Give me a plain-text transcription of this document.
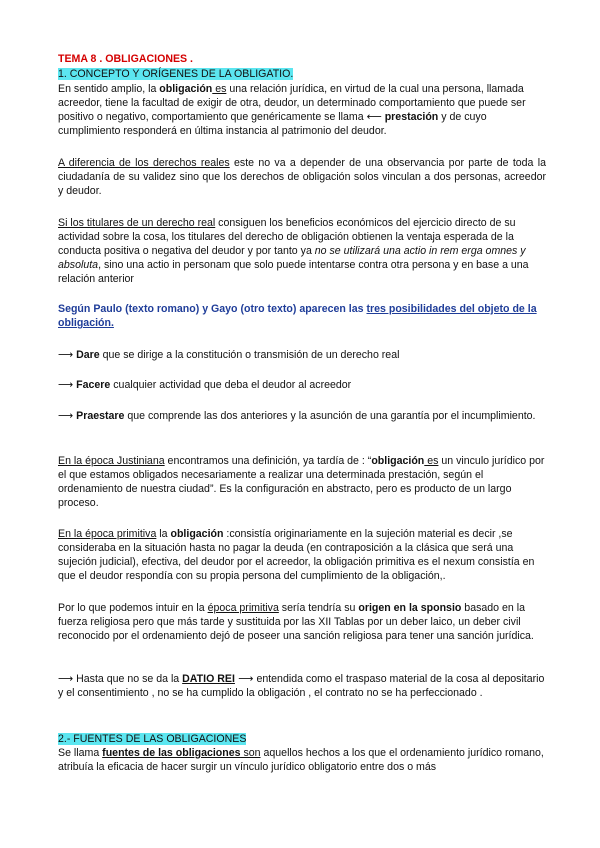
TEMA 8 . OBLIGACIONES .

1. CONCEPTO Y ORÍGENES DE LA OBLIGATIO.

En sentido amplio, la obligación es una relación jurídica, en virtud de la cual una persona, llamada acreedor, tiene la facultad de exigir de otra, deudor, un determinado comportamiento que puede ser positivo o negativo, comportamiento que genéricamente se llama ⟵ prestación y de cuyo cumplimiento responderá en última instancia al patrimonio del deudor.

A diferencia de los derechos reales este no va a depender de una observancia por parte de toda la ciudadanía de su validez sino que los derechos de obligación solos vinculan a dos personas, acreedor y deudor.

Si los titulares de un derecho real consiguen los beneficios económicos del ejercicio directo de su actividad sobre la cosa, los titulares del derecho de obligación obtienen la ventaja esperada de la conducta positiva o negativa del deudor y por tanto ya no se utilizará una actio in rem erga omnes y absoluta, sino una actio in personam que solo puede intentarse contra otra persona y en base a una relación anterior

Según Paulo (texto romano) y Gayo (otro texto) aparecen las tres posibilidades del objeto de la obligación.

⟶ Dare que se dirige a la constitución o transmisión de un derecho real

⟶ Facere cualquier actividad que deba el deudor al acreedor

⟶ Praestare que comprende las dos anteriores y la asunción de una garantía por el incumplimiento.

En la época Justiniana encontramos una definición, ya tardía de : “obligación es un vinculo jurídico por el que estamos obligados necesariamente a realizar una determinada prestación, según el ordenamiento de nuestra ciudad”. Es la configuración en abstracto, pero es producto de un largo proceso.

En la época primitiva la obligación :consistía originariamente en la sujeción material es decir ,se consideraba en la situación hasta no pagar la deuda (en contraposición a la clásica que será una sujeción judicial), efectiva, del deudor por el acreedor, la obligación primitiva es el nexum consistía en que el deudor respondía con su propia persona del cumplimiento de la obligación,.

Por lo que podemos intuir en la época primitiva sería tendría su origen en la sponsio basado en la fuerza religiosa pero que más tarde y sustituida por las XII Tablas por un deber laico, un deber civil reconocido por el ordenamiento dejó de poseer una sanción religiosa para tener una sanción jurídica.

⟶ Hasta que no se da la DATIO REI ⟶ entendida como el traspaso material de la cosa al depositario y el consentimiento , no se ha cumplido la obligación , el contrato no se ha perfeccionado .

2.- FUENTES DE LAS OBLIGACIONES

Se llama fuentes de las obligaciones son aquellos hechos a los que el ordenamiento jurídico romano, atribuía la eficacia de hacer surgir un vínculo jurídico obligatorio entre dos o más
